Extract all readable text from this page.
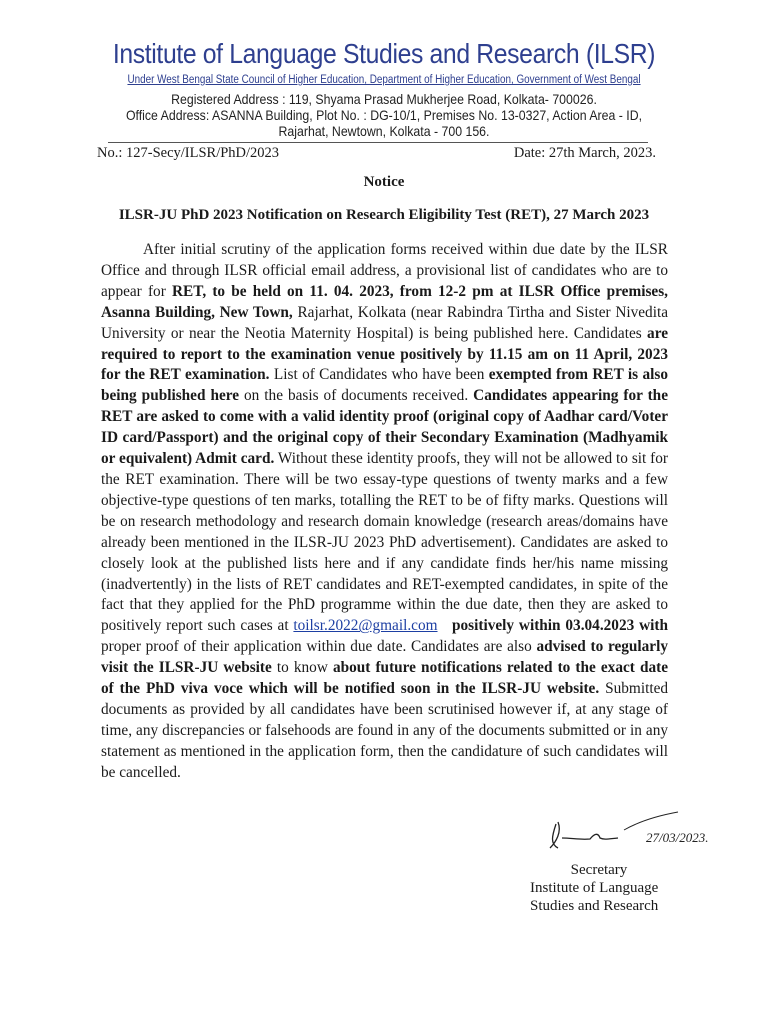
Institute of Language Studies and Research (ILSR)
Under West Bengal State Council of Higher Education, Department of Higher Education, Government of West Bengal
Registered Address : 119, Shyama Prasad Mukherjee Road, Kolkata- 700026.
Office Address: ASANNA Building, Plot No. : DG-10/1, Premises No. 13-0327, Action Area - ID,
Rajarhat, Newtown, Kolkata - 700 156.
No.: 127-Secy/ILSR/PhD/2023	Date: 27th March, 2023.
Notice
ILSR-JU PhD 2023 Notification on Research Eligibility Test (RET), 27 March 2023
After initial scrutiny of the application forms received within due date by the ILSR Office and through ILSR official email address, a provisional list of candidates who are to appear for RET, to be held on 11. 04. 2023, from 12-2 pm at ILSR Office premises, Asanna Building, New Town, Rajarhat, Kolkata (near Rabindra Tirtha and Sister Nivedita University or near the Neotia Maternity Hospital) is being published here. Candidates are required to report to the examination venue positively by 11.15 am on 11 April, 2023 for the RET examination. List of Candidates who have been exempted from RET is also being published here on the basis of documents received. Candidates appearing for the RET are asked to come with a valid identity proof (original copy of Aadhar card/Voter ID card/Passport) and the original copy of their Secondary Examination (Madhyamik or equivalent) Admit card. Without these identity proofs, they will not be allowed to sit for the RET examination. There will be two essay-type questions of twenty marks and a few objective-type questions of ten marks, totalling the RET to be of fifty marks. Questions will be on research methodology and research domain knowledge (research areas/domains have already been mentioned in the ILSR-JU 2023 PhD advertisement). Candidates are asked to closely look at the published lists here and if any candidate finds her/his name missing (inadvertently) in the lists of RET candidates and RET-exempted candidates, in spite of the fact that they applied for the PhD programme within the due date, then they are asked to positively report such cases at toilsr.2022@gmail.com positively within 03.04.2023 with proper proof of their application within due date. Candidates are also advised to regularly visit the ILSR-JU website to know about future notifications related to the exact date of the PhD viva voce which will be notified soon in the ILSR-JU website. Submitted documents as provided by all candidates have been scrutinised however if, at any stage of time, any discrepancies or falsehoods are found in any of the documents submitted or in any statement as mentioned in the application form, then the candidature of such candidates will be cancelled.
27/03/2023.
Secretary
Institute of Language
Studies and Research
